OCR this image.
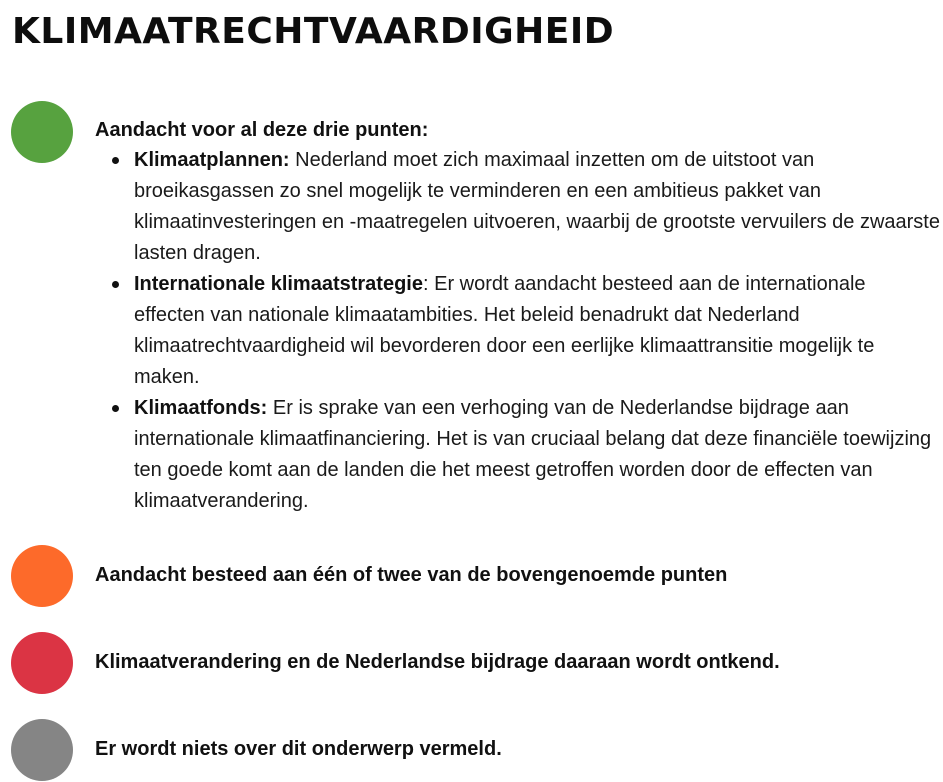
KLIMAATRECHTVAARDIGHEID

Aandacht voor al deze drie punten:

Klimaatplannen: Nederland moet zich maximaal inzetten om de uitstoot van broeikasgassen zo snel mogelijk te verminderen en een ambitieus pakket van klimaatinvesteringen en -maatregelen uitvoeren, waarbij de grootste vervuilers de zwaarste lasten dragen.
Internationale klimaatstrategie: Er wordt aandacht besteed aan de internationale effecten van nationale klimaatambities. Het beleid benadrukt dat Nederland klimaatrechtvaardigheid wil bevorderen door een eerlijke klimaattransitie mogelijk te maken.
Klimaatfonds: Er is sprake van een verhoging van de Nederlandse bijdrage aan internationale klimaatfinanciering. Het is van cruciaal belang dat deze financiële toewijzing ten goede komt aan de landen die het meest getroffen worden door de effecten van klimaatverandering.

Aandacht besteed aan één of twee van de bovengenoemde punten

Klimaatverandering en de Nederlandse bijdrage daaraan wordt ontkend.

Er wordt niets over dit onderwerp vermeld.
